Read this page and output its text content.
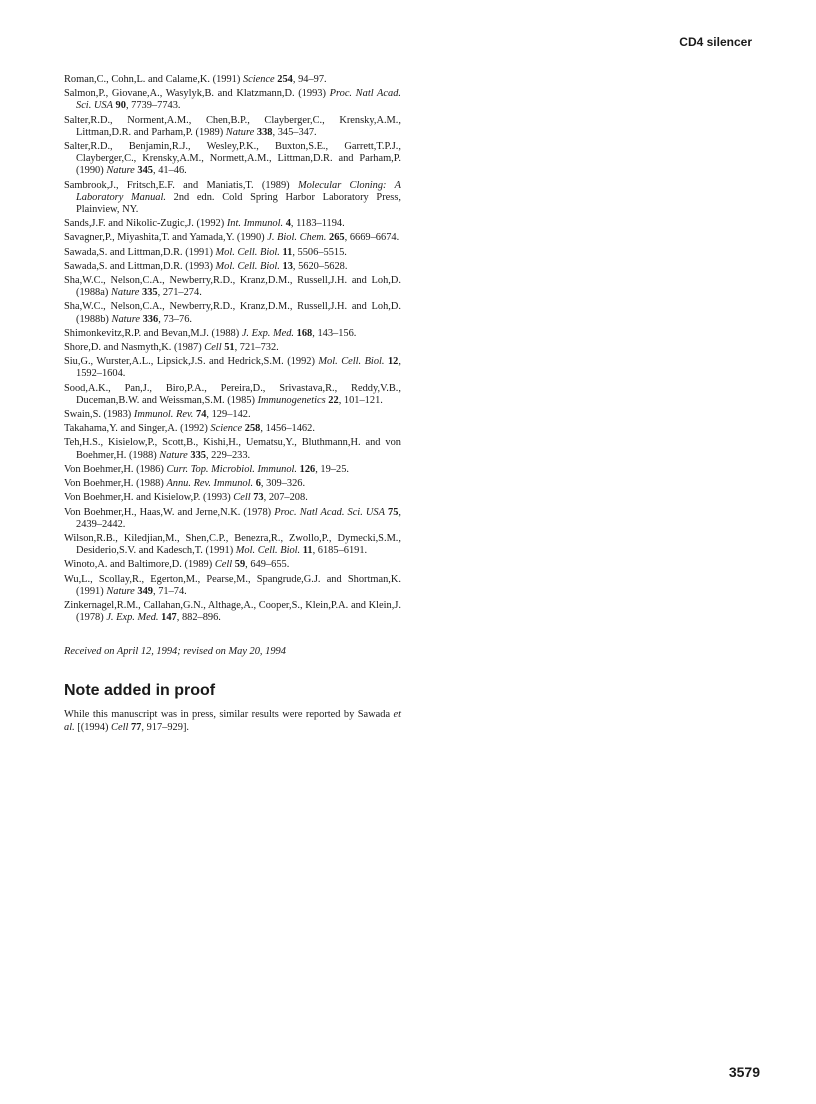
CD4 silencer

Roman,C., Cohn,L. and Calame,K. (1991) Science 254, 94–97.

Salmon,P., Giovane,A., Wasylyk,B. and Klatzmann,D. (1993) Proc. Natl Acad. Sci. USA 90, 7739–7743.

Salter,R.D., Norment,A.M., Chen,B.P., Clayberger,C., Krensky,A.M., Littman,D.R. and Parham,P. (1989) Nature 338, 345–347.

Salter,R.D., Benjamin,R.J., Wesley,P.K., Buxton,S.E., Garrett,T.P.J., Clayberger,C., Krensky,A.M., Normett,A.M., Littman,D.R. and Parham,P. (1990) Nature 345, 41–46.

Sambrook,J., Fritsch,E.F. and Maniatis,T. (1989) Molecular Cloning: A Laboratory Manual. 2nd edn. Cold Spring Harbor Laboratory Press, Plainview, NY.

Sands,J.F. and Nikolic-Zugic,J. (1992) Int. Immunol. 4, 1183–1194.

Savagner,P., Miyashita,T. and Yamada,Y. (1990) J. Biol. Chem. 265, 6669–6674.

Sawada,S. and Littman,D.R. (1991) Mol. Cell. Biol. 11, 5506–5515.

Sawada,S. and Littman,D.R. (1993) Mol. Cell. Biol. 13, 5620–5628.

Sha,W.C., Nelson,C.A., Newberry,R.D., Kranz,D.M., Russell,J.H. and Loh,D. (1988a) Nature 335, 271–274.

Sha,W.C., Nelson,C.A., Newberry,R.D., Kranz,D.M., Russell,J.H. and Loh,D. (1988b) Nature 336, 73–76.

Shimonkevitz,R.P. and Bevan,M.J. (1988) J. Exp. Med. 168, 143–156.

Shore,D. and Nasmyth,K. (1987) Cell 51, 721–732.

Siu,G., Wurster,A.L., Lipsick,J.S. and Hedrick,S.M. (1992) Mol. Cell. Biol. 12, 1592–1604.

Sood,A.K., Pan,J., Biro,P.A., Pereira,D., Srivastava,R., Reddy,V.B., Duceman,B.W. and Weissman,S.M. (1985) Immunogenetics 22, 101–121.

Swain,S. (1983) Immunol. Rev. 74, 129–142.

Takahama,Y. and Singer,A. (1992) Science 258, 1456–1462.

Teh,H.S., Kisielow,P., Scott,B., Kishi,H., Uematsu,Y., Bluthmann,H. and von Boehmer,H. (1988) Nature 335, 229–233.

Von Boehmer,H. (1986) Curr. Top. Microbiol. Immunol. 126, 19–25.

Von Boehmer,H. (1988) Annu. Rev. Immunol. 6, 309–326.

Von Boehmer,H. and Kisielow,P. (1993) Cell 73, 207–208.

Von Boehmer,H., Haas,W. and Jerne,N.K. (1978) Proc. Natl Acad. Sci. USA 75, 2439–2442.

Wilson,R.B., Kiledjian,M., Shen,C.P., Benezra,R., Zwollo,P., Dymecki,S.M., Desiderio,S.V. and Kadesch,T. (1991) Mol. Cell. Biol. 11, 6185–6191.

Winoto,A. and Baltimore,D. (1989) Cell 59, 649–655.

Wu,L., Scollay,R., Egerton,M., Pearse,M., Spangrude,G.J. and Shortman,K. (1991) Nature 349, 71–74.

Zinkernagel,R.M., Callahan,G.N., Althage,A., Cooper,S., Klein,P.A. and Klein,J. (1978) J. Exp. Med. 147, 882–896.

Received on April 12, 1994; revised on May 20, 1994
Note added in proof
While this manuscript was in press, similar results were reported by Sawada et al. [(1994) Cell 77, 917–929].
3579
